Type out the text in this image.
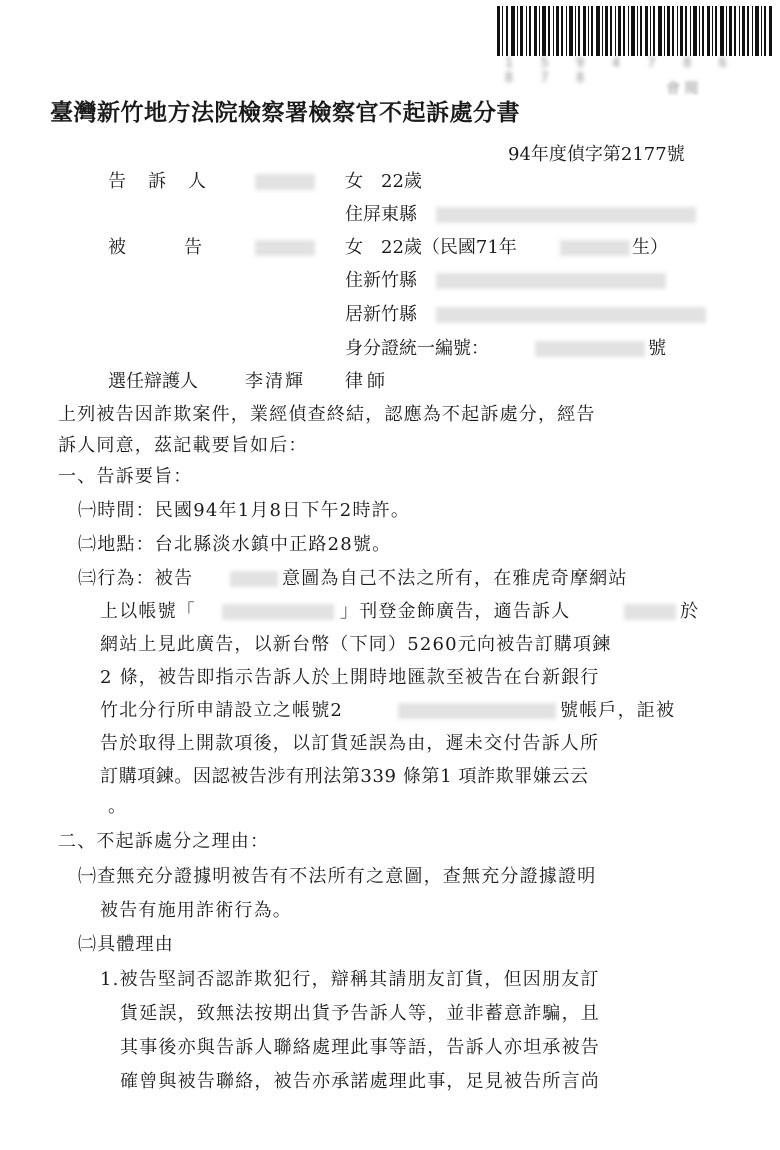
1 5 9 4 7 8 6 8 7 8
會 閱
臺灣新竹地方法院檢察署檢察官不起訴處分書
94年度偵字第2177號
告　訴　人	女　22歲
住屏東縣
被　　　告	女　22歲（民國71年	生）
住新竹縣
居新竹縣
身分證統一編號：	號
選任辯護人	李清輝 律師
上列被告因詐欺案件，業經偵查終結，認應為不起訴處分，經告
訴人同意，茲記載要旨如后：
一、告訴要旨：
㈠時間：民國94年1月8日下午2時許。
㈡地點：台北縣淡水鎮中正路28號。
㈢行為：被告	意圖為自己不法之所有，在雅虎奇摩網站
上以帳號「	」刊登金飾廣告，適告訴人	於
網站上見此廣告，以新台幣（下同）5260元向被告訂購項鍊
2 條，被告即指示告訴人於上開時地匯款至被告在台新銀行
竹北分行所申請設立之帳號2	號帳戶，詎被
告於取得上開款項後，以訂貨延誤為由，遲未交付告訴人所
訂購項鍊。因認被告涉有刑法第339 條第1 項詐欺罪嫌云云
。
二、不起訴處分之理由：
㈠查無充分證據明被告有不法所有之意圖，查無充分證據證明
被告有施用詐術行為。
㈡具體理由
1.被告堅詞否認詐欺犯行，辯稱其請朋友訂貨，但因朋友訂
貨延誤，致無法按期出貨予告訴人等，並非蓄意詐騙，且
其事後亦與告訴人聯絡處理此事等語，告訴人亦坦承被告
確曾與被告聯絡，被告亦承諾處理此事，足見被告所言尚
